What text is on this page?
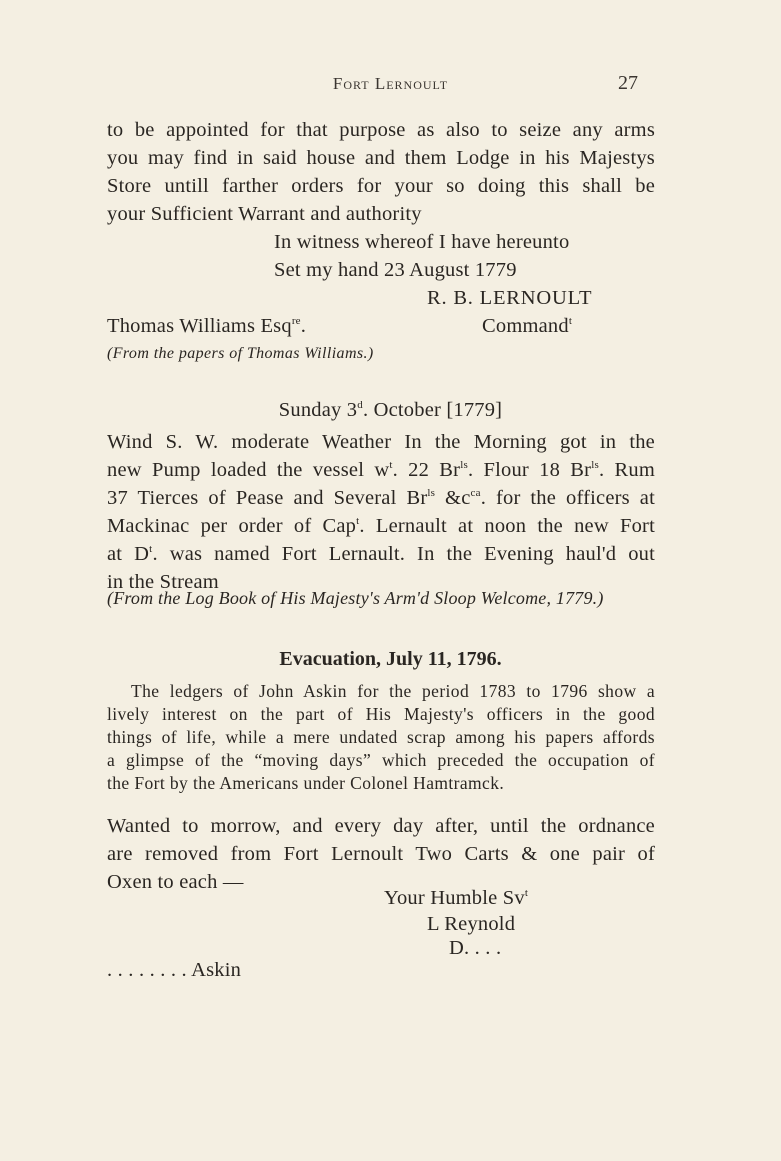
Fort Lernoult	27

to be appointed for that purpose as also to seize any arms

you may find in said house and them Lodge in his Majestys

Store untill farther orders for your so doing this shall be

your Sufficient Warrant and authority

In witness whereof I have hereunto
Set my hand 23 August 1779
R. B. LERNOULT
Thomas Williams Esq$^{re}$.	Command$^t$
(From the papers of Thomas Williams.)
Sunday 3$^d$. October [1779]

Wind S. W. moderate Weather In the Morning got in the

new Pump loaded the vessel $w^t$. 22 $Br^{ls}$. Flour 18 $Br^{ls}$. Rum

37 Tierces of Pease and Several $Br^{ls}$ $\&c^{ca}$. for the officers at

Mackinac per order of Cap$^t$. Lernault at noon the new Fort

at $D^t$. was named Fort Lernault. In the Evening haul'd out

in the Stream

(From the Log Book of His Majesty's Arm'd Sloop Welcome, 1779.)
Evacuation, July 11, 1796.

The ledgers of John Askin for the period 1783 to 1796 show a

lively interest on the part of His Majesty's officers in the good

things of life, while a mere undated scrap among his papers affords

a glimpse of the “moving days” which preceded the occupation of

the Fort by the Americans under Colonel Hamtramck.

Wanted to morrow, and every day after, until the ordnance

are removed from Fort Lernoult Two Carts & one pair of

Oxen to each —

Your Humble Sv$^t$
L Reynold
D. . . .
. . . . . . . . Askin
